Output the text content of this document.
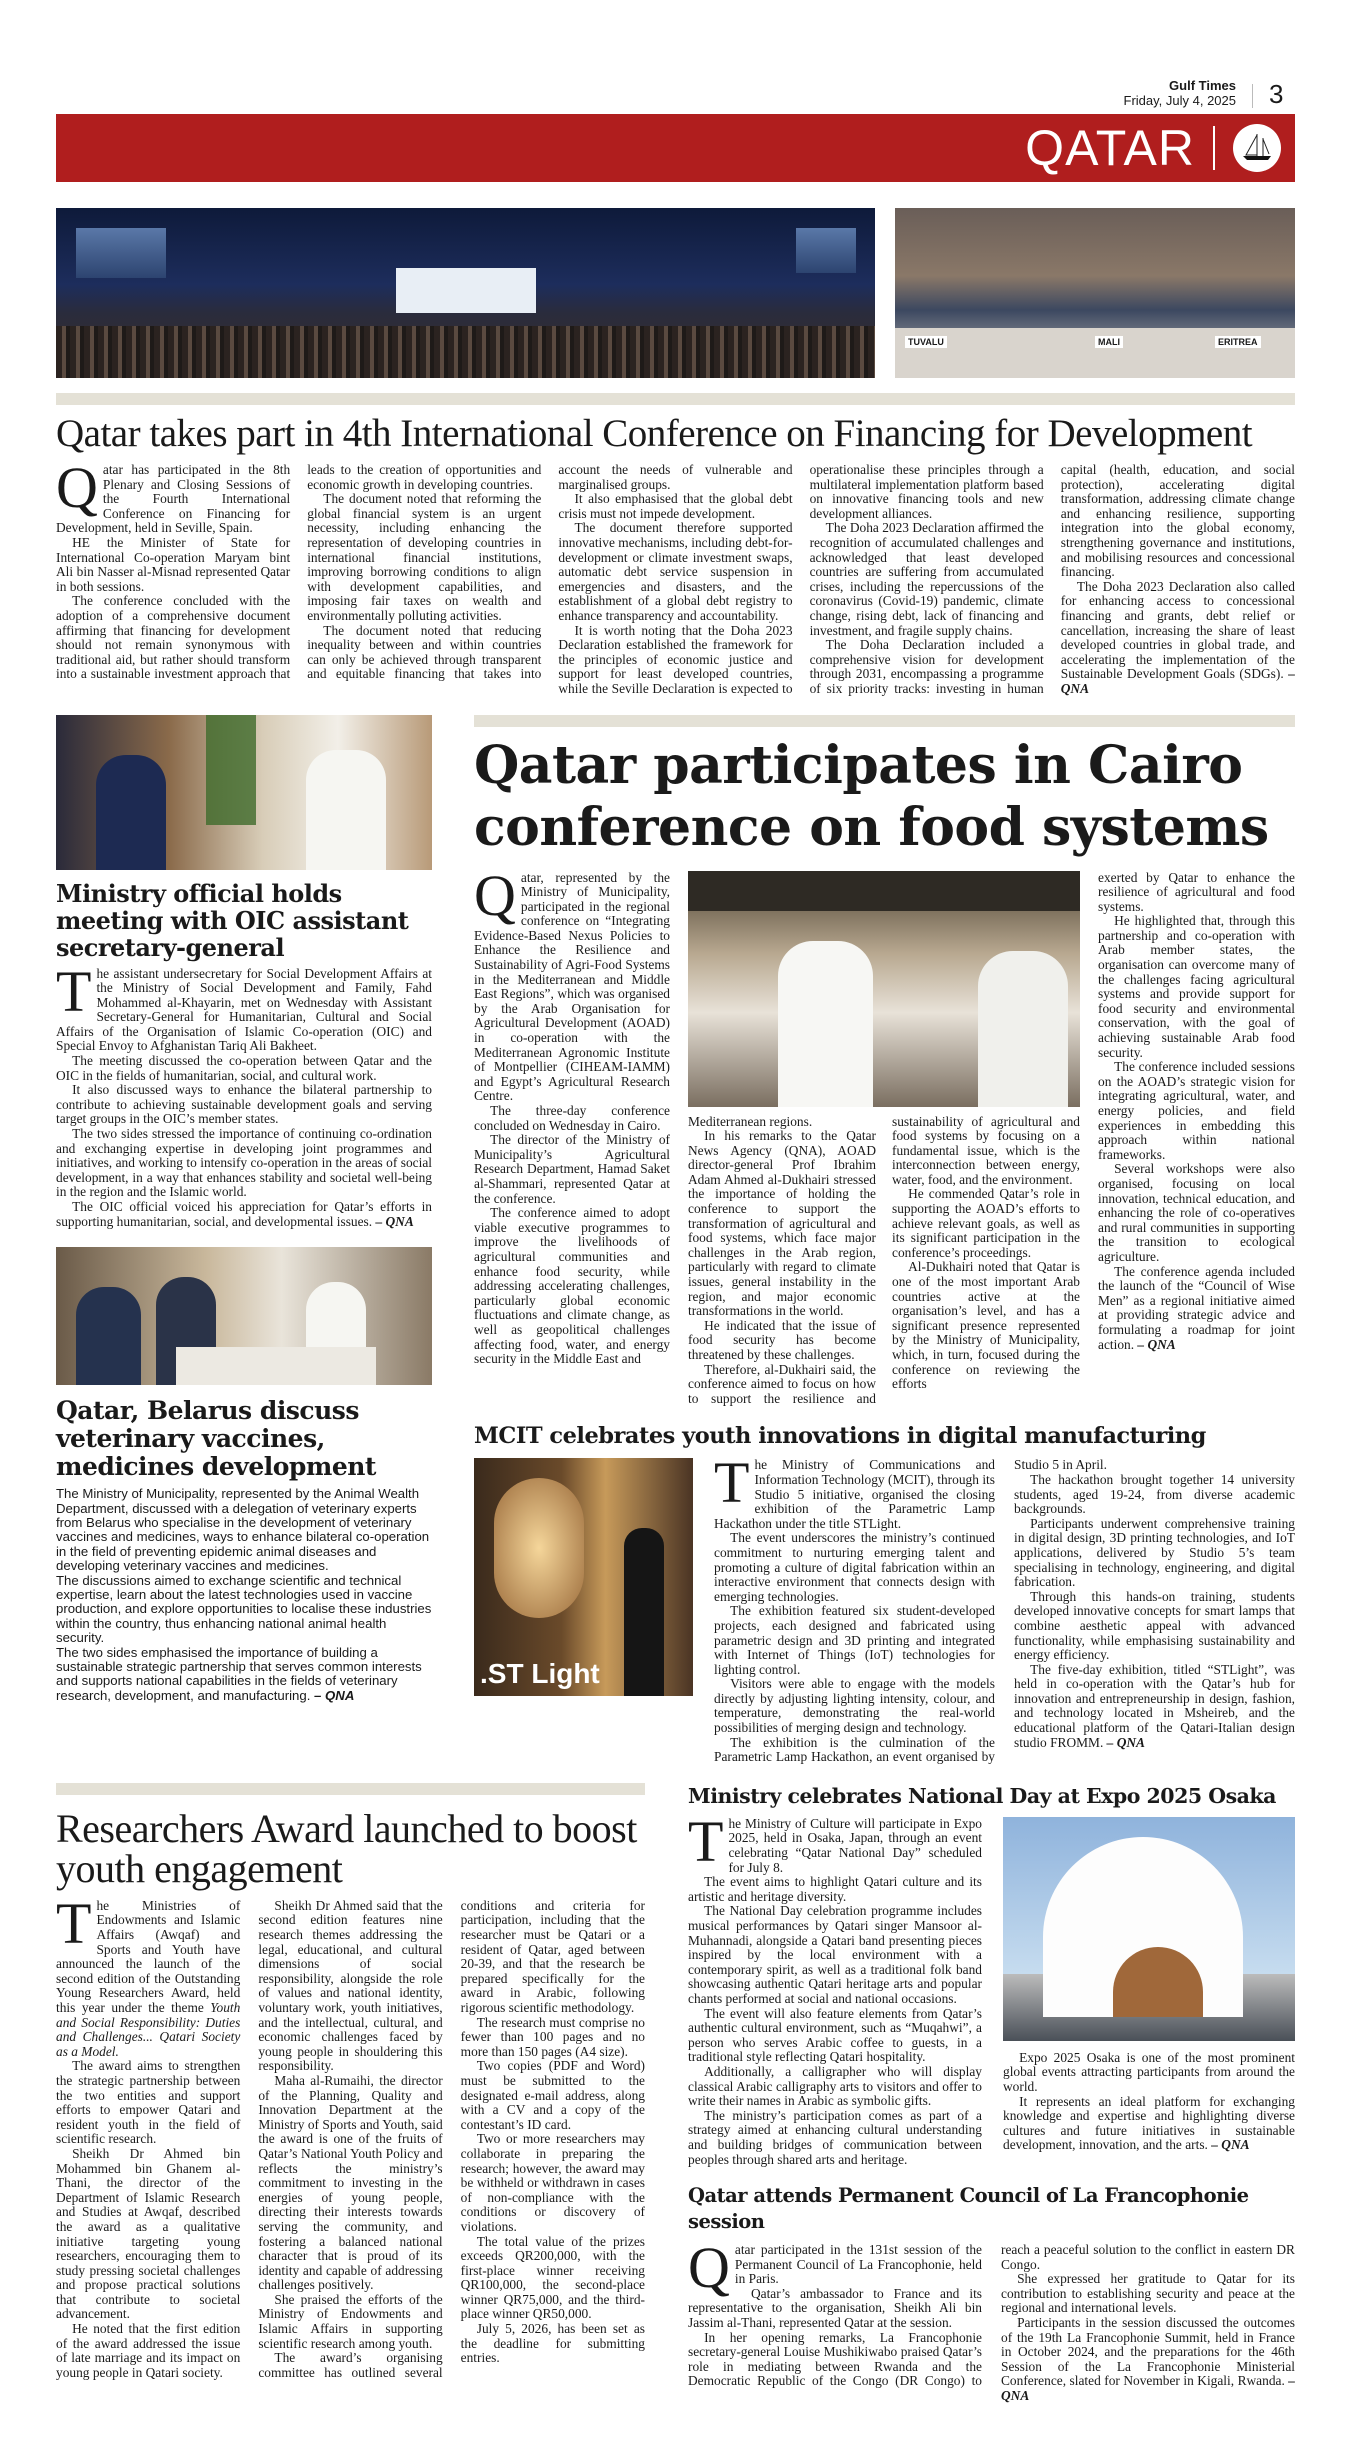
Gulf Times
Friday, July 4, 2025 3
QATAR
TUVALU	MALI	ERITREA
Qatar takes part in 4th International Conference on Financing for Development

Qatar has participated in the 8th Plenary and Closing Sessions of the Fourth International Conference on Financing for Development, held in Seville, Spain.

HE the Minister of State for International Co-operation Maryam bint Ali bin Nasser al-Misnad represented Qatar in both sessions.

The conference concluded with the adoption of a comprehensive document affirming that financing for development should not remain synonymous with traditional aid, but rather should transform into a sustainable investment approach that leads to the creation of opportunities and economic growth in developing countries.

The document noted that reforming the global financial system is an urgent necessity, including enhancing the representation of developing countries in international financial institutions, improving borrowing conditions to align with development capabilities, and imposing fair taxes on wealth and environmentally polluting activities.

The document noted that reducing inequality between and within countries can only be achieved through transparent and equitable financing that takes into account the needs of vulnerable and marginalised groups.

It also emphasised that the global debt crisis must not impede development.

The document therefore supported innovative mechanisms, including debt-for-development or climate investment swaps, automatic debt service suspension in emergencies and disasters, and the establishment of a global debt registry to enhance transparency and accountability.

It is worth noting that the Doha 2023 Declaration established the framework for the principles of economic justice and support for least developed countries, while the Seville Declaration is expected to operationalise these principles through a multilateral implementation platform based on innovative financing tools and new development alliances.

The Doha 2023 Declaration affirmed the recognition of accumulated challenges and acknowledged that least developed countries are suffering from accumulated crises, including the repercussions of the coronavirus (Covid-19) pandemic, climate change, rising debt, lack of financing and investment, and fragile supply chains.

The Doha Declaration included a comprehensive vision for development through 2031, encompassing a programme of six priority tracks: investing in human capital (health, education, and social protection), accelerating digital transformation, addressing climate change and enhancing resilience, supporting integration into the global economy, strengthening governance and institutions, and mobilising resources and concessional financing.

The Doha 2023 Declaration also called for enhancing access to concessional financing and grants, debt relief or cancellation, increasing the share of least developed countries in global trade, and accelerating the implementation of the Sustainable Development Goals (SDGs). – QNA

Ministry official holds meeting with OIC assistant secretary-general

The assistant undersecretary for Social Development Affairs at the Ministry of Social Development and Family, Fahd Mohammed al-Khayarin, met on Wednesday with Assistant Secretary-General for Humanitarian, Cultural and Social Affairs of the Organisation of Islamic Co-operation (OIC) and Special Envoy to Afghanistan Tariq Ali Bakheet.

The meeting discussed the co-operation between Qatar and the OIC in the fields of humanitarian, social, and cultural work.

It also discussed ways to enhance the bilateral partnership to contribute to achieving sustainable development goals and serving target groups in the OIC’s member states.

The two sides stressed the importance of continuing co-ordination and exchanging expertise in developing joint programmes and initiatives, and working to intensify co-operation in the areas of social development, in a way that enhances stability and societal well-being in the region and the Islamic world.

The OIC official voiced his appreciation for Qatar’s efforts in supporting humanitarian, social, and developmental issues. – QNA

Qatar, Belarus discuss veterinary vaccines, medicines development

The Ministry of Municipality, represented by the Animal Wealth Department, discussed with a delegation of veterinary experts from Belarus who specialise in the development of veterinary vaccines and medicines, ways to enhance bilateral co-operation in the field of preventing epidemic animal diseases and developing veterinary vaccines and medicines.

The discussions aimed to exchange scientific and technical expertise, learn about the latest technologies used in vaccine production, and explore opportunities to localise these industries within the country, thus enhancing national animal health security.

The two sides emphasised the importance of building a sustainable strategic partnership that serves common interests and supports national capabilities in the fields of veterinary research, development, and manufacturing. – QNA

Qatar participates in Cairo conference on food systems

Qatar, represented by the Ministry of Municipality, participated in the regional conference on “Integrating Evidence-Based Nexus Policies to Enhance the Resilience and Sustainability of Agri-Food Systems in the Mediterranean and Middle East Regions”, which was organised by the Arab Organisation for Agricultural Development (AOAD) in co-operation with the Mediterranean Agronomic Institute of Montpellier (CIHEAM-IAMM) and Egypt’s Agricultural Research Centre.

The three-day conference concluded on Wednesday in Cairo.

The director of the Ministry of Municipality’s Agricultural Research Department, Hamad Saket al-Shammari, represented Qatar at the conference.

The conference aimed to adopt viable executive programmes to improve the livelihoods of agricultural communities and enhance food security, while addressing accelerating challenges, particularly global economic fluctuations and climate change, as well as geopolitical challenges affecting food, water, and energy security in the Middle East and

Mediterranean regions.

In his remarks to the Qatar News Agency (QNA), AOAD director-general Prof Ibrahim Adam Ahmed al-Dukhairi stressed the importance of holding the conference to support the transformation of agricultural and food systems, which face major challenges in the Arab region, particularly with regard to climate issues, general instability in the region, and major economic transformations in the world.

He indicated that the issue of food security has become threatened by these challenges.

Therefore, al-Dukhairi said, the conference aimed to focus on how to support the resilience and sustainability of agricultural and food systems by focusing on a fundamental issue, which is the interconnection between energy, water, food, and the environment.

He commended Qatar’s role in supporting the AOAD’s efforts to achieve relevant goals, as well as its significant participation in the conference’s proceedings.

Al-Dukhairi noted that Qatar is one of the most important Arab countries active at the organisation’s level, and has a significant presence represented by the Ministry of Municipality, which, in turn, focused during the conference on reviewing the efforts

exerted by Qatar to enhance the resilience of agricultural and food systems.

He highlighted that, through this partnership and co-operation with Arab member states, the organisation can overcome many of the challenges facing agricultural systems and provide support for food security and environmental conservation, with the goal of achieving sustainable Arab food security.

The conference included sessions on the AOAD’s strategic vision for integrating agricultural, water, and energy policies, and field experiences in embedding this approach within national frameworks.

Several workshops were also organised, focusing on local innovation, technical education, and enhancing the role of co-operatives and rural communities in supporting the transition to ecological agriculture.

The conference agenda included the launch of the “Council of Wise Men” as a regional initiative aimed at providing strategic advice and formulating a roadmap for joint action. – QNA

MCIT celebrates youth innovations in digital manufacturing
.ST Light

The Ministry of Communications and Information Technology (MCIT), through its Studio 5 initiative, organised the closing exhibition of the Parametric Lamp Hackathon under the title STLight.

The event underscores the ministry’s continued commitment to nurturing emerging talent and promoting a culture of digital fabrication within an interactive environment that connects design with emerging technologies.

The exhibition featured six student-developed projects, each designed and fabricated using parametric design and 3D printing and integrated with Internet of Things (IoT) technologies for lighting control.

Visitors were able to engage with the models directly by adjusting lighting intensity, colour, and temperature, demonstrating the real-world possibilities of merging design and technology.

The exhibition is the culmination of the Parametric Lamp Hackathon, an event organised by Studio 5 in April.

The hackathon brought together 14 university students, aged 19-24, from diverse academic backgrounds.

Participants underwent comprehensive training in digital design, 3D printing technologies, and IoT applications, delivered by Studio 5’s team specialising in technology, engineering, and digital fabrication.

Through this hands-on training, students developed innovative concepts for smart lamps that combine aesthetic appeal with advanced functionality, while emphasising sustainability and energy efficiency.

The five-day exhibition, titled “STLight”, was held in co-operation with the Qatar’s hub for innovation and entrepreneurship in design, fashion, and technology located in Msheireb, and the educational platform of the Qatari-Italian design studio FROMM. – QNA

Researchers Award launched to boost youth engagement

The Ministries of Endowments and Islamic Affairs (Awqaf) and Sports and Youth have announced the launch of the second edition of the Outstanding Young Researchers Award, held this year under the theme Youth and Social Responsibility: Duties and Challenges... Qatari Society as a Model.

The award aims to strengthen the strategic partnership between the two entities and support efforts to empower Qatari and resident youth in the field of scientific research.

Sheikh Dr Ahmed bin Mohammed bin Ghanem al-Thani, the director of the Department of Islamic Research and Studies at Awqaf, described the award as a qualitative initiative targeting young researchers, encouraging them to study pressing societal challenges and propose practical solutions that contribute to societal advancement.

He noted that the first edition of the award addressed the issue of late marriage and its impact on young people in Qatari society.

Sheikh Dr Ahmed said that the second edition features nine research themes addressing the legal, educational, and cultural dimensions of social responsibility, alongside the role of values and national identity, voluntary work, youth initiatives, and the intellectual, cultural, and economic challenges faced by young people in shouldering this responsibility.

Maha al-Rumaihi, the director of the Planning, Quality and Innovation Department at the Ministry of Sports and Youth, said the award is one of the fruits of Qatar’s National Youth Policy and reflects the ministry’s commitment to investing in the energies of young people, directing their interests towards serving the community, and fostering a balanced national character that is proud of its identity and capable of addressing challenges positively.

She praised the efforts of the Ministry of Endowments and Islamic Affairs in supporting scientific research among youth.

The award’s organising committee has outlined several conditions and criteria for participation, including that the researcher must be Qatari or a resident of Qatar, aged between 20-39, and that the research be prepared specifically for the award in Arabic, following rigorous scientific methodology.

The research must comprise no fewer than 100 pages and no more than 150 pages (A4 size).

Two copies (PDF and Word) must be submitted to the designated e-mail address, along with a CV and a copy of the contestant’s ID card.

Two or more researchers may collaborate in preparing the research; however, the award may be withheld or withdrawn in cases of non-compliance with the conditions or discovery of violations.

The total value of the prizes exceeds QR200,000, with the first-place winner receiving QR100,000, the second-place winner QR75,000, and the third-place winner QR50,000.

July 5, 2026, has been set as the deadline for submitting entries.

Ministry celebrates National Day at Expo 2025 Osaka

The Ministry of Culture will participate in Expo 2025, held in Osaka, Japan, through an event celebrating “Qatar National Day” scheduled for July 8.

The event aims to highlight Qatari culture and its artistic and heritage diversity.

The National Day celebration programme includes musical performances by Qatari singer Mansoor al-Muhannadi, alongside a Qatari band presenting pieces inspired by the local environment with a contemporary spirit, as well as a traditional folk band showcasing authentic Qatari heritage arts and popular chants performed at social and national occasions.

The event will also feature elements from Qatar’s authentic cultural environment, such as “Muqahwi”, a person who serves Arabic coffee to guests, in a traditional style reflecting Qatari hospitality.

Additionally, a calligrapher who will display classical Arabic calligraphy arts to visitors and offer to write their names in Arabic as symbolic gifts.

The ministry’s participation comes as part of a strategy aimed at enhancing cultural understanding and building bridges of communication between peoples through shared arts and heritage.

Expo 2025 Osaka is one of the most prominent global events attracting participants from around the world.

It represents an ideal platform for exchanging knowledge and expertise and highlighting diverse cultures and future initiatives in sustainable development, innovation, and the arts. – QNA

Qatar attends Permanent Council of La Francophonie session

Qatar participated in the 131st session of the Permanent Council of La Francophonie, held in Paris.

Qatar’s ambassador to France and its representative to the organisation, Sheikh Ali bin Jassim al-Thani, represented Qatar at the session.

In her opening remarks, La Francophonie secretary-general Louise Mushikiwabo praised Qatar’s role in mediating between Rwanda and the Democratic Republic of the Congo (DR Congo) to reach a peaceful solution to the conflict in eastern DR Congo.

She expressed her gratitude to Qatar for its contribution to establishing security and peace at the regional and international levels.

Participants in the session discussed the outcomes of the 19th La Francophonie Summit, held in France in October 2024, and the preparations for the 46th Session of the La Francophonie Ministerial Conference, slated for November in Kigali, Rwanda. – QNA
